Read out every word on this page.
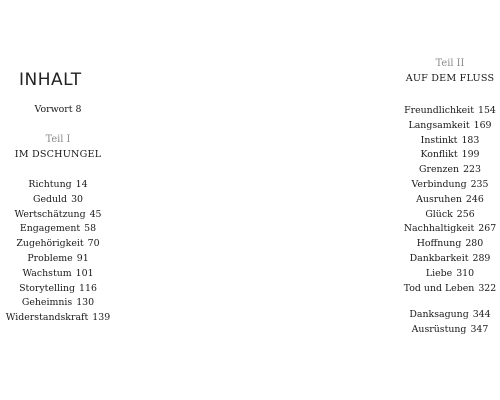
INHALT
Vorwort 8
Teil I
IM DSCHUNGEL
Richtung 14
Geduld 30
Wertschätzung 45
Engagement 58
Zugehörigkeit 70
Probleme 91
Wachstum 101
Storytelling 116
Geheimnis 130
Widerstandskraft 139
Teil II
AUF DEM FLUSS
Freundlichkeit 154
Langsamkeit 169
Instinkt 183
Konflikt 199
Grenzen 223
Verbindung 235
Ausruhen 246
Glück 256
Nachhaltigkeit 267
Hoffnung 280
Dankbarkeit 289
Liebe 310
Tod und Leben 322
Danksagung 344
Ausrüstung 347
